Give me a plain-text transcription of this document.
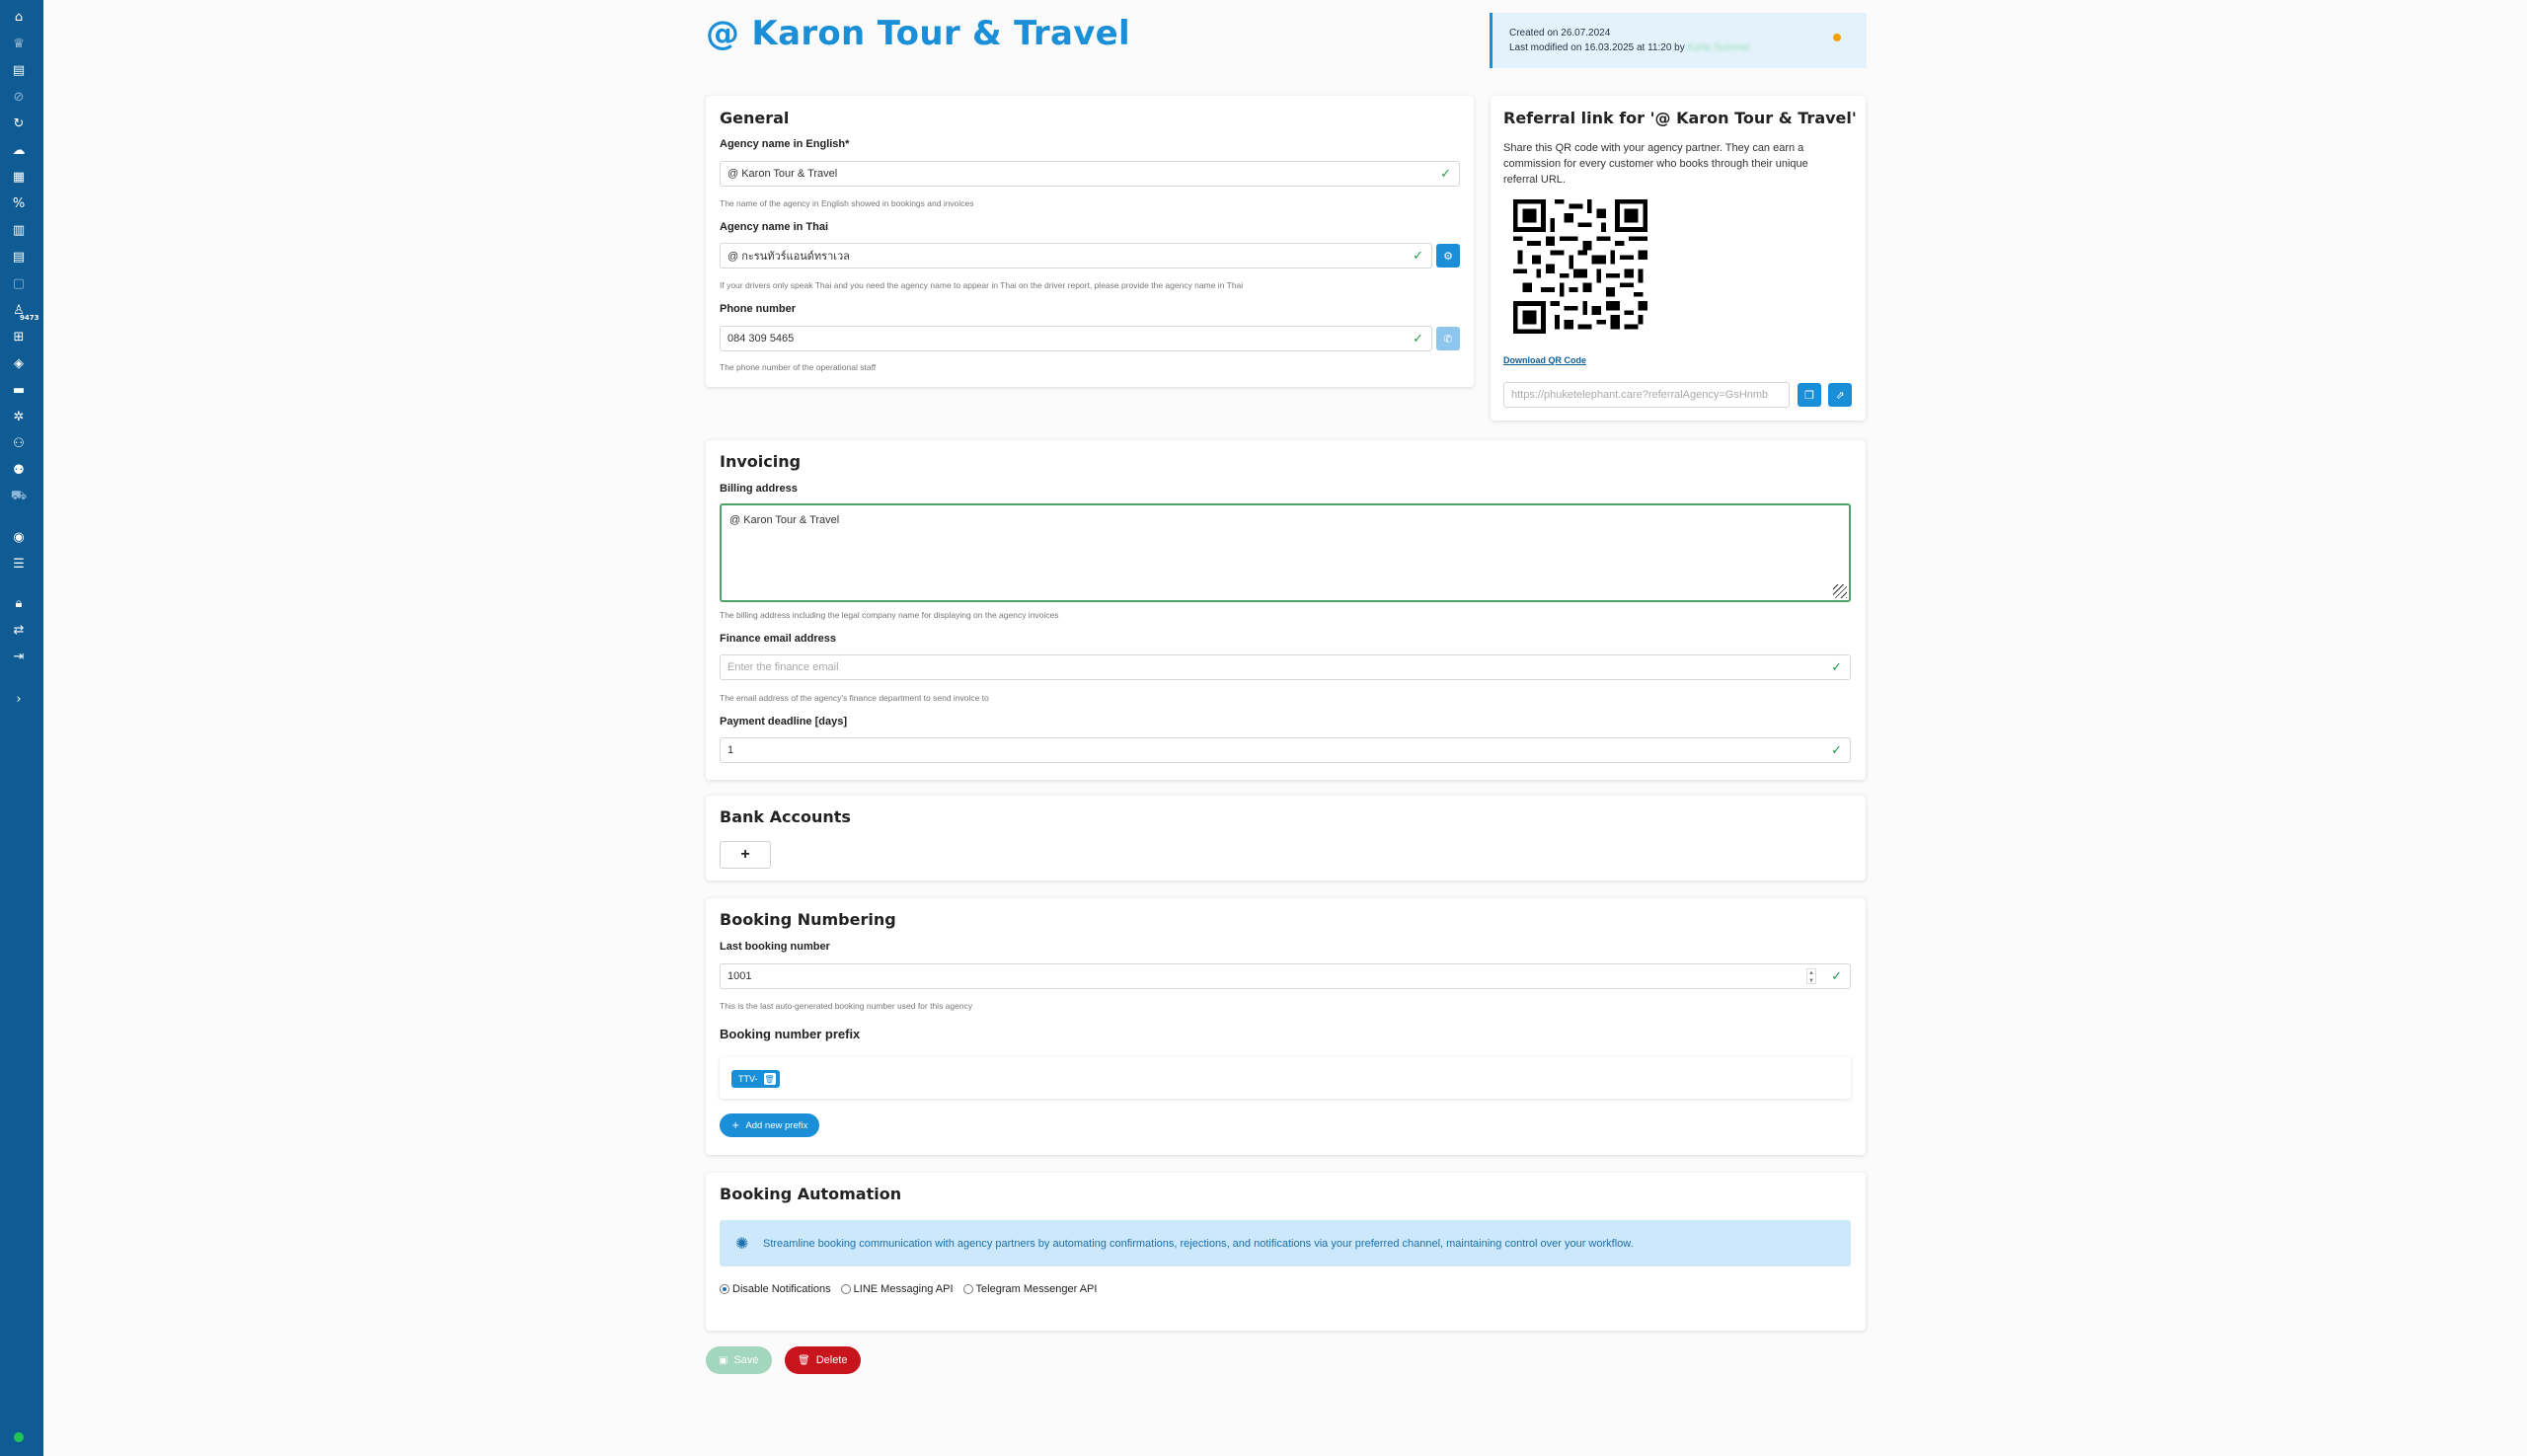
⌂
♕
▤
⊘
↻
☁
▦
%
▥
▤
▢
♙
9473
⊞
◈
▬
✲
⚇
⚉
⛟
◉
☰
🔒︎
⇄
⇥
›
@ Karon Tour & Travel	Created on 26.07.2024
Last modified on 16.03.2025 at 11:20 by Karla Summer
General
Agency name in English*
@ Karon Tour & Travel	✓
The name of the agency in English showed in bookings and invoices
Agency name in Thai
@ กะรนทัวร์แอนด์ทราเวล	✓ ⚙
If your drivers only speak Thai and you need the agency name to appear in Thai on the driver report, please provide the agency name in Thai
Phone number
084 309 5465	✓ ✆
The phone number of the operational staff
Referral link for '@ Karon Tour & Travel'
Share this QR code with your agency partner. They can earn a commission for every customer who books through their unique referral URL.
Download QR Code
https://phuketelephant.care?referralAgency=GsHnmb	❐ ⇗
Invoicing
Billing address
@ Karon Tour & Travel
The billing address including the legal company name for displaying on the agency invoices
Finance email address
Enter the finance email	✓
The email address of the agency's finance department to send invoice to
Payment deadline [days]
1	✓
Bank Accounts
+
Booking Numbering
Last booking number
1001	▲
▼ ✓
This is the last auto-generated booking number used for this agency
Booking number prefix
TTV- 🗑︎
+ Add new prefix
Booking Automation
✺ Streamline booking communication with agency partners by automating confirmations, rejections, and notifications via your preferred channel, maintaining control over your workflow.
Disable Notifications LINE Messaging API Telegram Messenger API
▣ Save	🗑︎ Delete
